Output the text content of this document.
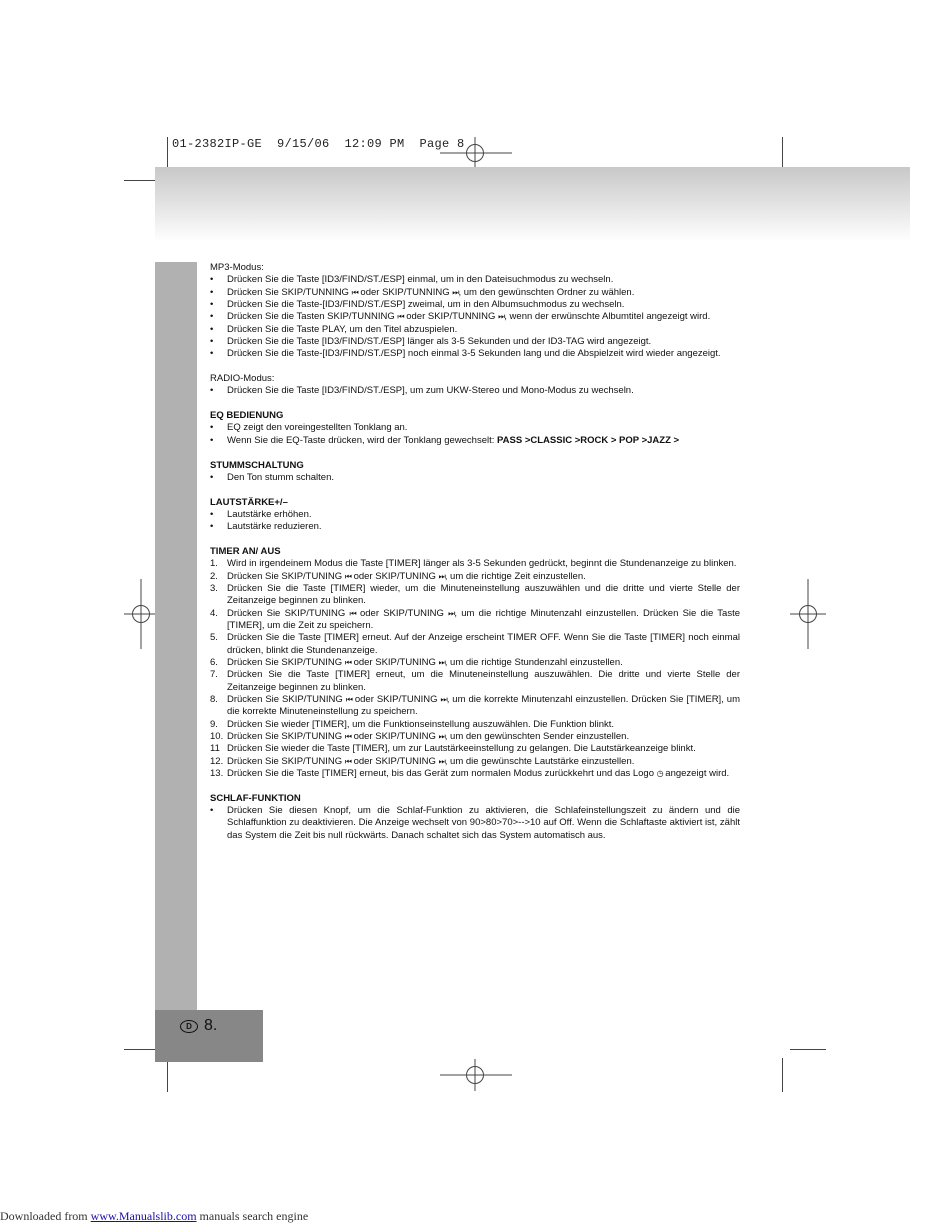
01-2382IP-GE  9/15/06  12:09 PM  Page 8
D 8.

MP3-Modus:

• Drücken Sie die Taste [ID3/FIND/ST./ESP] einmal, um in den Dateisuchmodus zu wechseln.
• Drücken Sie SKIP/TUNNING ⏮ oder SKIP/TUNNING ⏭, um den gewünschten Ordner zu wählen.
• Drücken Sie die Taste-[ID3/FIND/ST./ESP] zweimal, um in den Albumsuchmodus zu wechseln.
• Drücken Sie die Tasten SKIP/TUNNING ⏮ oder SKIP/TUNNING ⏭, wenn der erwünschte Albumtitel angezeigt wird.
• Drücken Sie die Taste PLAY, um den Titel abzuspielen.
• Drücken Sie die Taste [ID3/FIND/ST./ESP] länger als 3-5 Sekunden und der ID3-TAG wird angezeigt.
• Drücken Sie die Taste-[ID3/FIND/ST./ESP] noch einmal 3-5 Sekunden lang und die Abspielzeit wird wieder angezeigt.

RADIO-Modus:

• Drücken Sie die Taste [ID3/FIND/ST./ESP], um zum UKW-Stereo und Mono-Modus zu wechseln.

EQ BEDIENUNG

• EQ zeigt den voreingestellten Tonklang an.
• Wenn Sie die EQ-Taste drücken, wird der Tonklang gewechselt: PASS >CLASSIC >ROCK > POP >JAZZ >

STUMMSCHALTUNG

• Den Ton stumm schalten.

LAUTSTÄRKE+/–

• Lautstärke erhöhen.
• Lautstärke reduzieren.

TIMER AN/ AUS

1. Wird in irgendeinem Modus die Taste [TIMER] länger als 3-5 Sekunden gedrückt, beginnt die Stundenanzeige zu blinken.
2. Drücken Sie SKIP/TUNING ⏮ oder SKIP/TUNING ⏭, um die richtige Zeit einzustellen.
3. Drücken Sie die Taste [TIMER] wieder, um die Minuteneinstellung auszuwählen und die dritte und vierte Stelle der Zeitanzeige beginnen zu blinken.
4. Drücken Sie SKIP/TUNING ⏮ oder SKIP/TUNING ⏭, um die richtige Minutenzahl einzustellen. Drücken Sie die Taste [TIMER], um die Zeit zu speichern.
5. Drücken Sie die Taste [TIMER] erneut. Auf der Anzeige erscheint TIMER OFF. Wenn Sie die Taste [TIMER] noch einmal drücken, blinkt die Stundenanzeige.
6. Drücken Sie SKIP/TUNING ⏮ oder SKIP/TUNING ⏭, um die richtige Stundenzahl einzustellen.
7. Drücken Sie die Taste [TIMER] erneut, um die Minuteneinstellung auszuwählen. Die dritte und vierte Stelle der Zeitanzeige beginnen zu blinken.
8. Drücken Sie SKIP/TUNING ⏮ oder SKIP/TUNING ⏭, um die korrekte Minutenzahl einzustellen. Drücken Sie [TIMER], um die korrekte Minuteneinstellung zu speichern.
9. Drücken Sie wieder [TIMER], um die Funktionseinstellung auszuwählen. Die Funktion blinkt.
10. Drücken Sie SKIP/TUNING ⏮ oder SKIP/TUNING ⏭, um den gewünschten Sender einzustellen.
11 Drücken Sie wieder die Taste [TIMER], um zur Lautstärkeeinstellung zu gelangen. Die Lautstärkeanzeige blinkt.
12. Drücken Sie SKIP/TUNING ⏮ oder SKIP/TUNING ⏭, um die gewünschte Lautstärke einzustellen.
13. Drücken Sie die Taste [TIMER] erneut, bis das Gerät zum normalen Modus zurückkehrt und das Logo ◷ angezeigt wird.

SCHLAF-FUNKTION

• Drücken Sie diesen Knopf, um die Schlaf-Funktion zu aktivieren, die Schlafeinstellungszeit zu ändern und die Schlaffunktion zu deaktivieren. Die Anzeige wechselt von 90>80>70>-->10 auf Off. Wenn die Schlaftaste aktiviert ist, zählt das System die Zeit bis null rückwärts. Danach schaltet sich das System automatisch aus.
Downloaded from www.Manualslib.com manuals search engine
